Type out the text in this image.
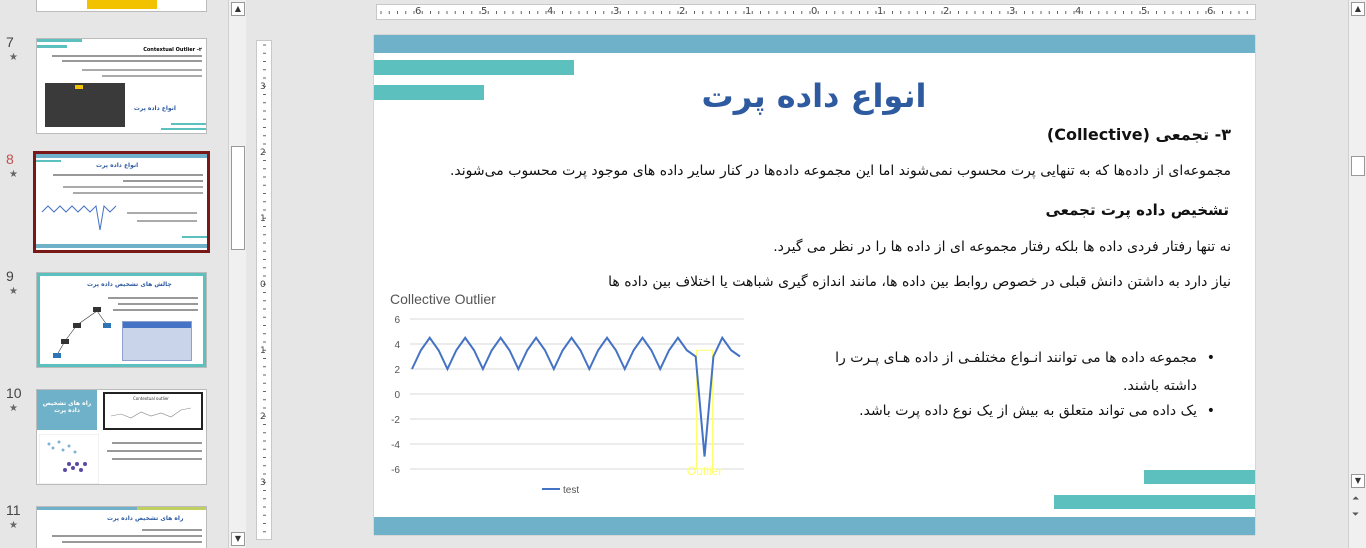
7
★
Contextual Outlier -۲
انواع داده پرت
8
★
انواع داده پرت
9
★
چالش های تشخیص داده پرت
10
★	راه های تشخیص داده پرت
Contextual outlier
11
★
راه های تشخیص داده پرت
▲
▼
6	5	4	3	2	1	0	1	2	3	4	5	6
3
2
1
0
1
2
3
انواع داده پرت
۳- تجمعی (Collective)
مجموعه‌ای از داده‌ها که به تنهایی پرت محسوب نمی‌شوند اما این مجموعه داده‌ها در کنار سایر داده های موجود پرت محسوب می‌شوند.
تشخیص داده پرت تجمعی
نه تنها رفتار فردی داده ها بلکه رفتار مجموعه ای از داده ها را در نظر می گیرد.
نیاز دارد به داشتن دانش قبلی در خصوص روابط بین داده ها، مانند اندازه گیری شباهت یا اختلاف بین داده ها
Collective Outlier
6
4
2
0
-2
-4
-6	Outlier
test
مجموعه داده ها می توانند انـواع مختلفـی از داده هـای پـرت را •
داشته باشند.
یک داده می تواند متعلق به بیش از یک نوع داده پرت باشد. •
▲
▼
⏶
⏷
